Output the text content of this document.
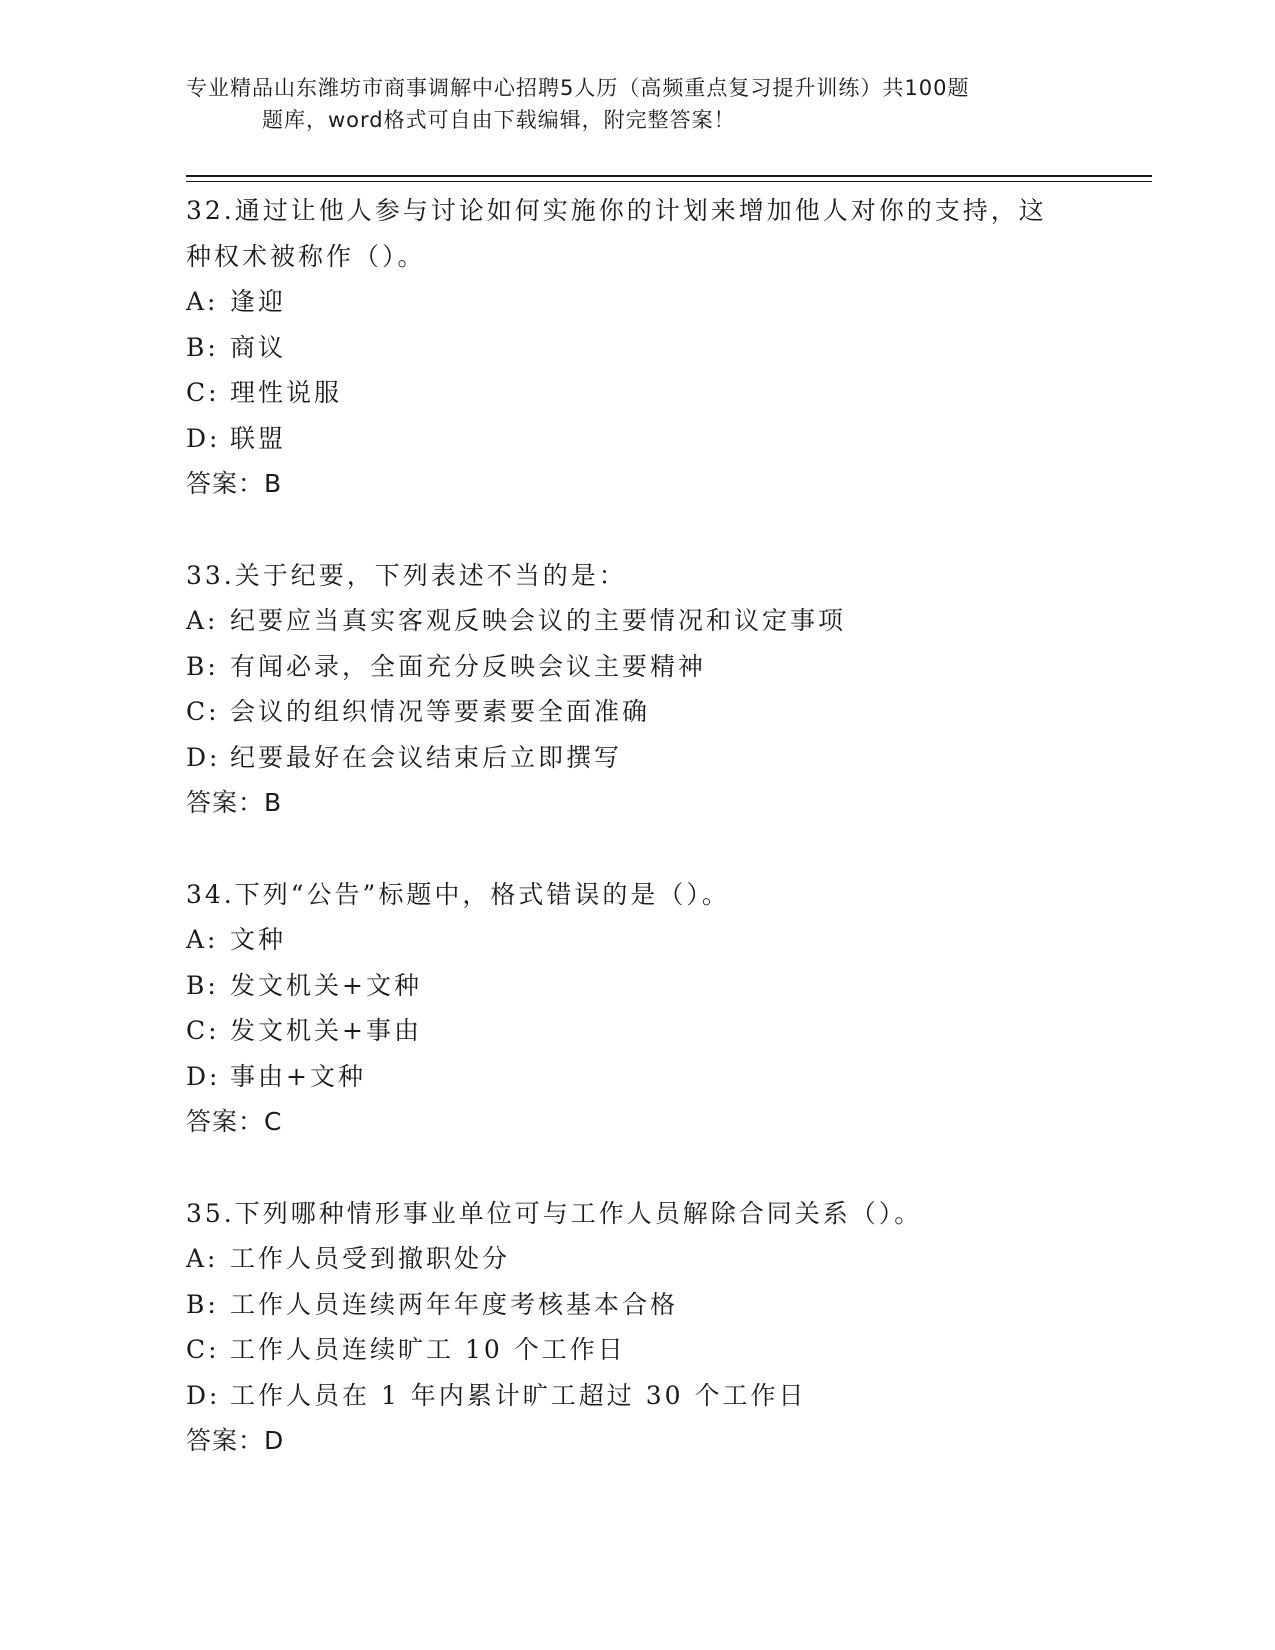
专业精品山东潍坊市商事调解中心招聘5人历（高频重点复习提升训练）共100题
题库，word格式可自由下载编辑，附完整答案！
32.通过让他人参与讨论如何实施你的计划来增加他人对你的支持，这
种权术被称作（）。
A: 逢迎
B: 商议
C: 理性说服
D: 联盟
答案：B
33.关于纪要，下列表述不当的是：
A: 纪要应当真实客观反映会议的主要情况和议定事项
B: 有闻必录，全面充分反映会议主要精神
C: 会议的组织情况等要素要全面准确
D: 纪要最好在会议结束后立即撰写
答案：B
34.下列“公告”标题中，格式错误的是（）。
A: 文种
B: 发文机关+文种
C: 发文机关+事由
D: 事由+文种
答案：C
35.下列哪种情形事业单位可与工作人员解除合同关系（）。
A: 工作人员受到撤职处分
B: 工作人员连续两年年度考核基本合格
C: 工作人员连续旷工 10 个工作日
D: 工作人员在 1 年内累计旷工超过 30 个工作日
答案：D
